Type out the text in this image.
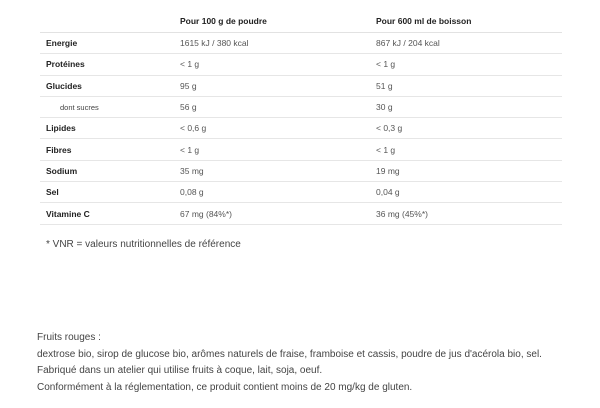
	Pour 100 g de poudre	Pour 600 ml de boisson
Energie	1615 kJ / 380 kcal	867 kJ / 204 kcal
Protéines	< 1 g	< 1 g
Glucides	95 g	51 g
dont sucres	56 g	30 g
Lipides	< 0,6 g	< 0,3 g
Fibres	< 1 g	< 1 g
Sodium	35 mg	19 mg
Sel	0,08 g	0,04 g
Vitamine C	67 mg (84%*)	36 mg (45%*)

* VNR = valeurs nutritionnelles de référence

Fruits rouges :

dextrose bio, sirop de glucose bio, arômes naturels de fraise, framboise et cassis, poudre de jus d'acérola bio, sel.

Fabriqué dans un atelier qui utilise fruits à coque, lait, soja, oeuf.

Conformément à la réglementation, ce produit contient moins de 20 mg/kg de gluten.
